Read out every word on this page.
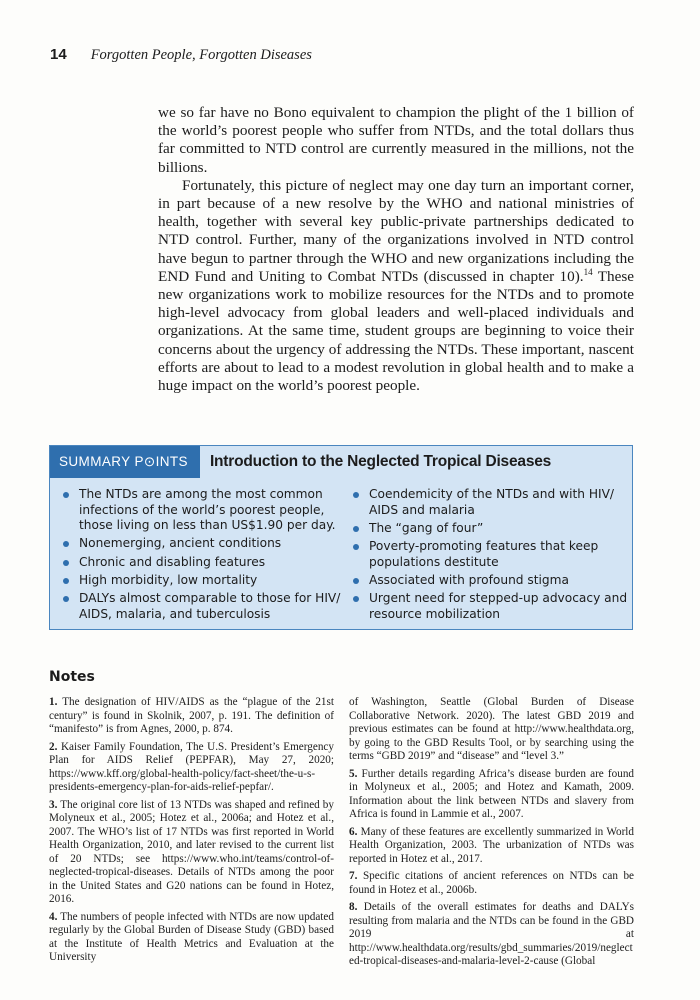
14 Forgotten People, Forgotten Diseases

we so far have no Bono equivalent to champion the plight of the 1 billion of the world’s poorest people who suffer from NTDs, and the total dollars thus far committed to NTD control are currently measured in the millions, not the billions.

Fortunately, this picture of neglect may one day turn an important corner, in part because of a new resolve by the WHO and national ministries of health, together with several key public-private partnerships dedicated to NTD control. Further, many of the organizations involved in NTD control have begun to partner through the WHO and new organizations including the END Fund and Uniting to Combat NTDs (discussed in chapter 10).$^{14}$ These new organizations work to mobilize resources for the NTDs and to promote high-level advocacy from global leaders and well-placed individuals and organizations. At the same time, student groups are beginning to voice their concerns about the urgency of addressing the NTDs. These important, nascent efforts are about to lead to a modest revolution in global health and to make a huge impact on the world’s poorest people.

SUMMARY P⊙INTS	Introduction to the Neglected Tropical Diseases
The NTDs are among the most common infections of the world’s poorest people, those living on less than US$1.90 per day.
Nonemerging, ancient conditions
Chronic and disabling features
High morbidity, low mortality
DALYs almost comparable to those for HIV/ AIDS, malaria, and tuberculosis
Coendemicity of the NTDs and with HIV/ AIDS and malaria
The “gang of four”
Poverty-promoting features that keep populations destitute
Associated with profound stigma
Urgent need for stepped-up advocacy and resource mobilization
Notes

1. The designation of HIV/AIDS as the “plague of the 21st century” is found in Skolnik, 2007, p. 191. The definition of “manifesto” is from Agnes, 2000, p. 874.

2. Kaiser Family Foundation, The U.S. President’s Emergency Plan for AIDS Relief (PEPFAR), May 27, 2020; https://www.kff.org/global-health-policy/fact-sheet/the-u-s-presidents-emergency-plan-for-aids-relief-pepfar/.

3. The original core list of 13 NTDs was shaped and refined by Molyneux et al., 2005; Hotez et al., 2006a; and Hotez et al., 2007. The WHO’s list of 17 NTDs was first reported in World Health Organization, 2010, and later revised to the current list of 20 NTDs; see https://www.who.int/teams/control-of-neglected-tropical-diseases. Details of NTDs among the poor in the United States and G20 nations can be found in Hotez, 2016.

4. The numbers of people infected with NTDs are now updated regularly by the Global Burden of Disease Study (GBD) based at the Institute of Health Metrics and Evaluation at the University

of Washington, Seattle (Global Burden of Disease Collaborative Network. 2020). The latest GBD 2019 and previous estimates can be found at http://www.healthdata.org, by going to the GBD Results Tool, or by searching using the terms “GBD 2019” and “disease” and “level 3.”

5. Further details regarding Africa’s disease burden are found in Molyneux et al., 2005; and Hotez and Kamath, 2009. Information about the link between NTDs and slavery from Africa is found in Lammie et al., 2007.

6. Many of these features are excellently summarized in World Health Organization, 2003. The urbanization of NTDs was reported in Hotez et al., 2017.

7. Specific citations of ancient references on NTDs can be found in Hotez et al., 2006b.

8. Details of the overall estimates for deaths and DALYs resulting from malaria and the NTDs can be found in the GBD 2019 at http://www.healthdata.org/results/gbd_summaries/2019/neglected-tropical-diseases-and-malaria-level-2-cause (Global
